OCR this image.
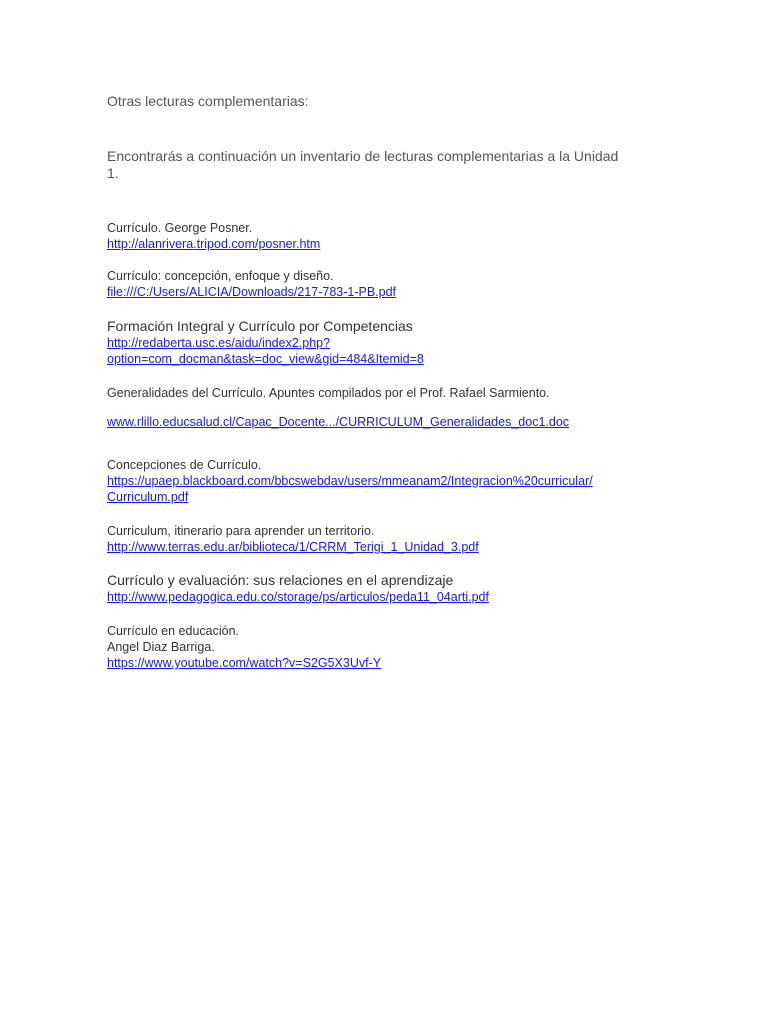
Otras lecturas complementarias:
Encontrarás a continuación un inventario de lecturas complementarias a la Unidad
1.
Currículo. George Posner.
http://alanrivera.tripod.com/posner.htm
Currículo: concepción, enfoque y diseño.
file:///C:/Users/ALICIA/Downloads/217-783-1-PB.pdf
Formación Integral y Currículo por Competencias
http://redaberta.usc.es/aidu/index2.php?
option=com_docman&task=doc_view&gid=484&Itemid=8
Generalidades del Currículo. Apuntes compilados por el Prof. Rafael Sarmiento.
www.rlillo.educsalud.cl/Capac_Docente.../CURRICULUM_Generalidades_doc1.doc
Concepciones de Currículo.
https://upaep.blackboard.com/bbcswebdav/users/mmeanam2/Integracion%20curricular/
Curriculum.pdf
Curriculum, itinerario para aprender un territorio.
http://www.terras.edu.ar/biblioteca/1/CRRM_Terigi_1_Unidad_3.pdf
Currículo y evaluación: sus relaciones en el aprendizaje
http://www.pedagogica.edu.co/storage/ps/articulos/peda11_04arti.pdf
Currículo en educación.
Angel Diaz Barriga.
https://www.youtube.com/watch?v=S2G5X3Uvf-Y
